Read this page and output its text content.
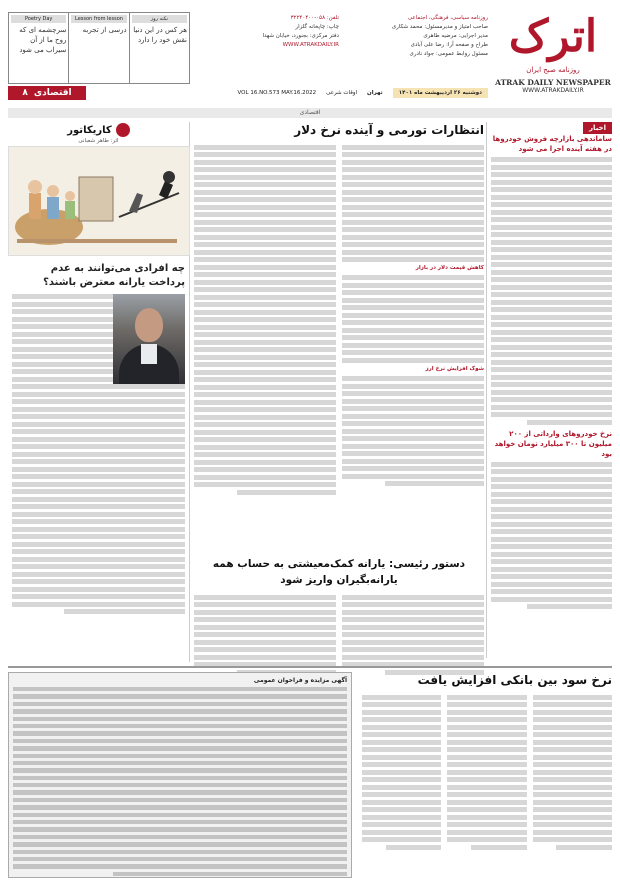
اترک
روزنامه صبح ایران
ATRAK DAILY NEWSPAPER
WWW.ATRAKDAILY.IR
روزنامه سیاسی، فرهنگی، اجتماعی
صاحب امتیاز و مدیرمسئول: محمد شکاری
مدیر اجرایی: مرضیه طاهری
طراح و صفحه آرا: رضا علی آبادی
مسئول روابط عمومی: جواد نادری
تلفن: ۰۵۸-۳۲۲۴۰۴۰۰
چاپ: چاپخانه گلزار
دفتر مرکزی: بجنورد، خیابان شهدا
WWW.ATRAKDAILY.IR
Poetry Day
سرچشمه ای که روح ما از آن سیراب می شود
Lesson from lesson
درسی از تجربه
نکته روز
هر کس در این دنیا نقش خود را دارد
دوشنبه ۲۶ اردیبهشت ماه ۱۴۰۱
تهران
اوقات شرعی
VOL 16.NO.573 MAY.16.2022
اقتصادی
۸
اقتصادی
اخبار
ساماندهی بازارچه فروش خودروها در هفته آینده اجرا می شود
نرخ خودروهای وارداتی از ۲۰۰ میلیون تا ۳۰۰ میلیارد تومان خواهد بود
انتظارات تورمی و آینده نرخ دلار
کاهش قیمت دلار در بازار
شوک افزایش نرخ ارز
کاریکاتور
اثر: طاهر شعبانی
چه افرادی می‌توانند به عدم پرداخت یارانه معترض باشند؟
دستور رئیسی: یارانه کمک‌معیشتی به حساب همه یارانه‌بگیران واریز شود
نرخ سود بین بانکی افزایش یافت
آگهی مزایده و فراخوان عمومی
